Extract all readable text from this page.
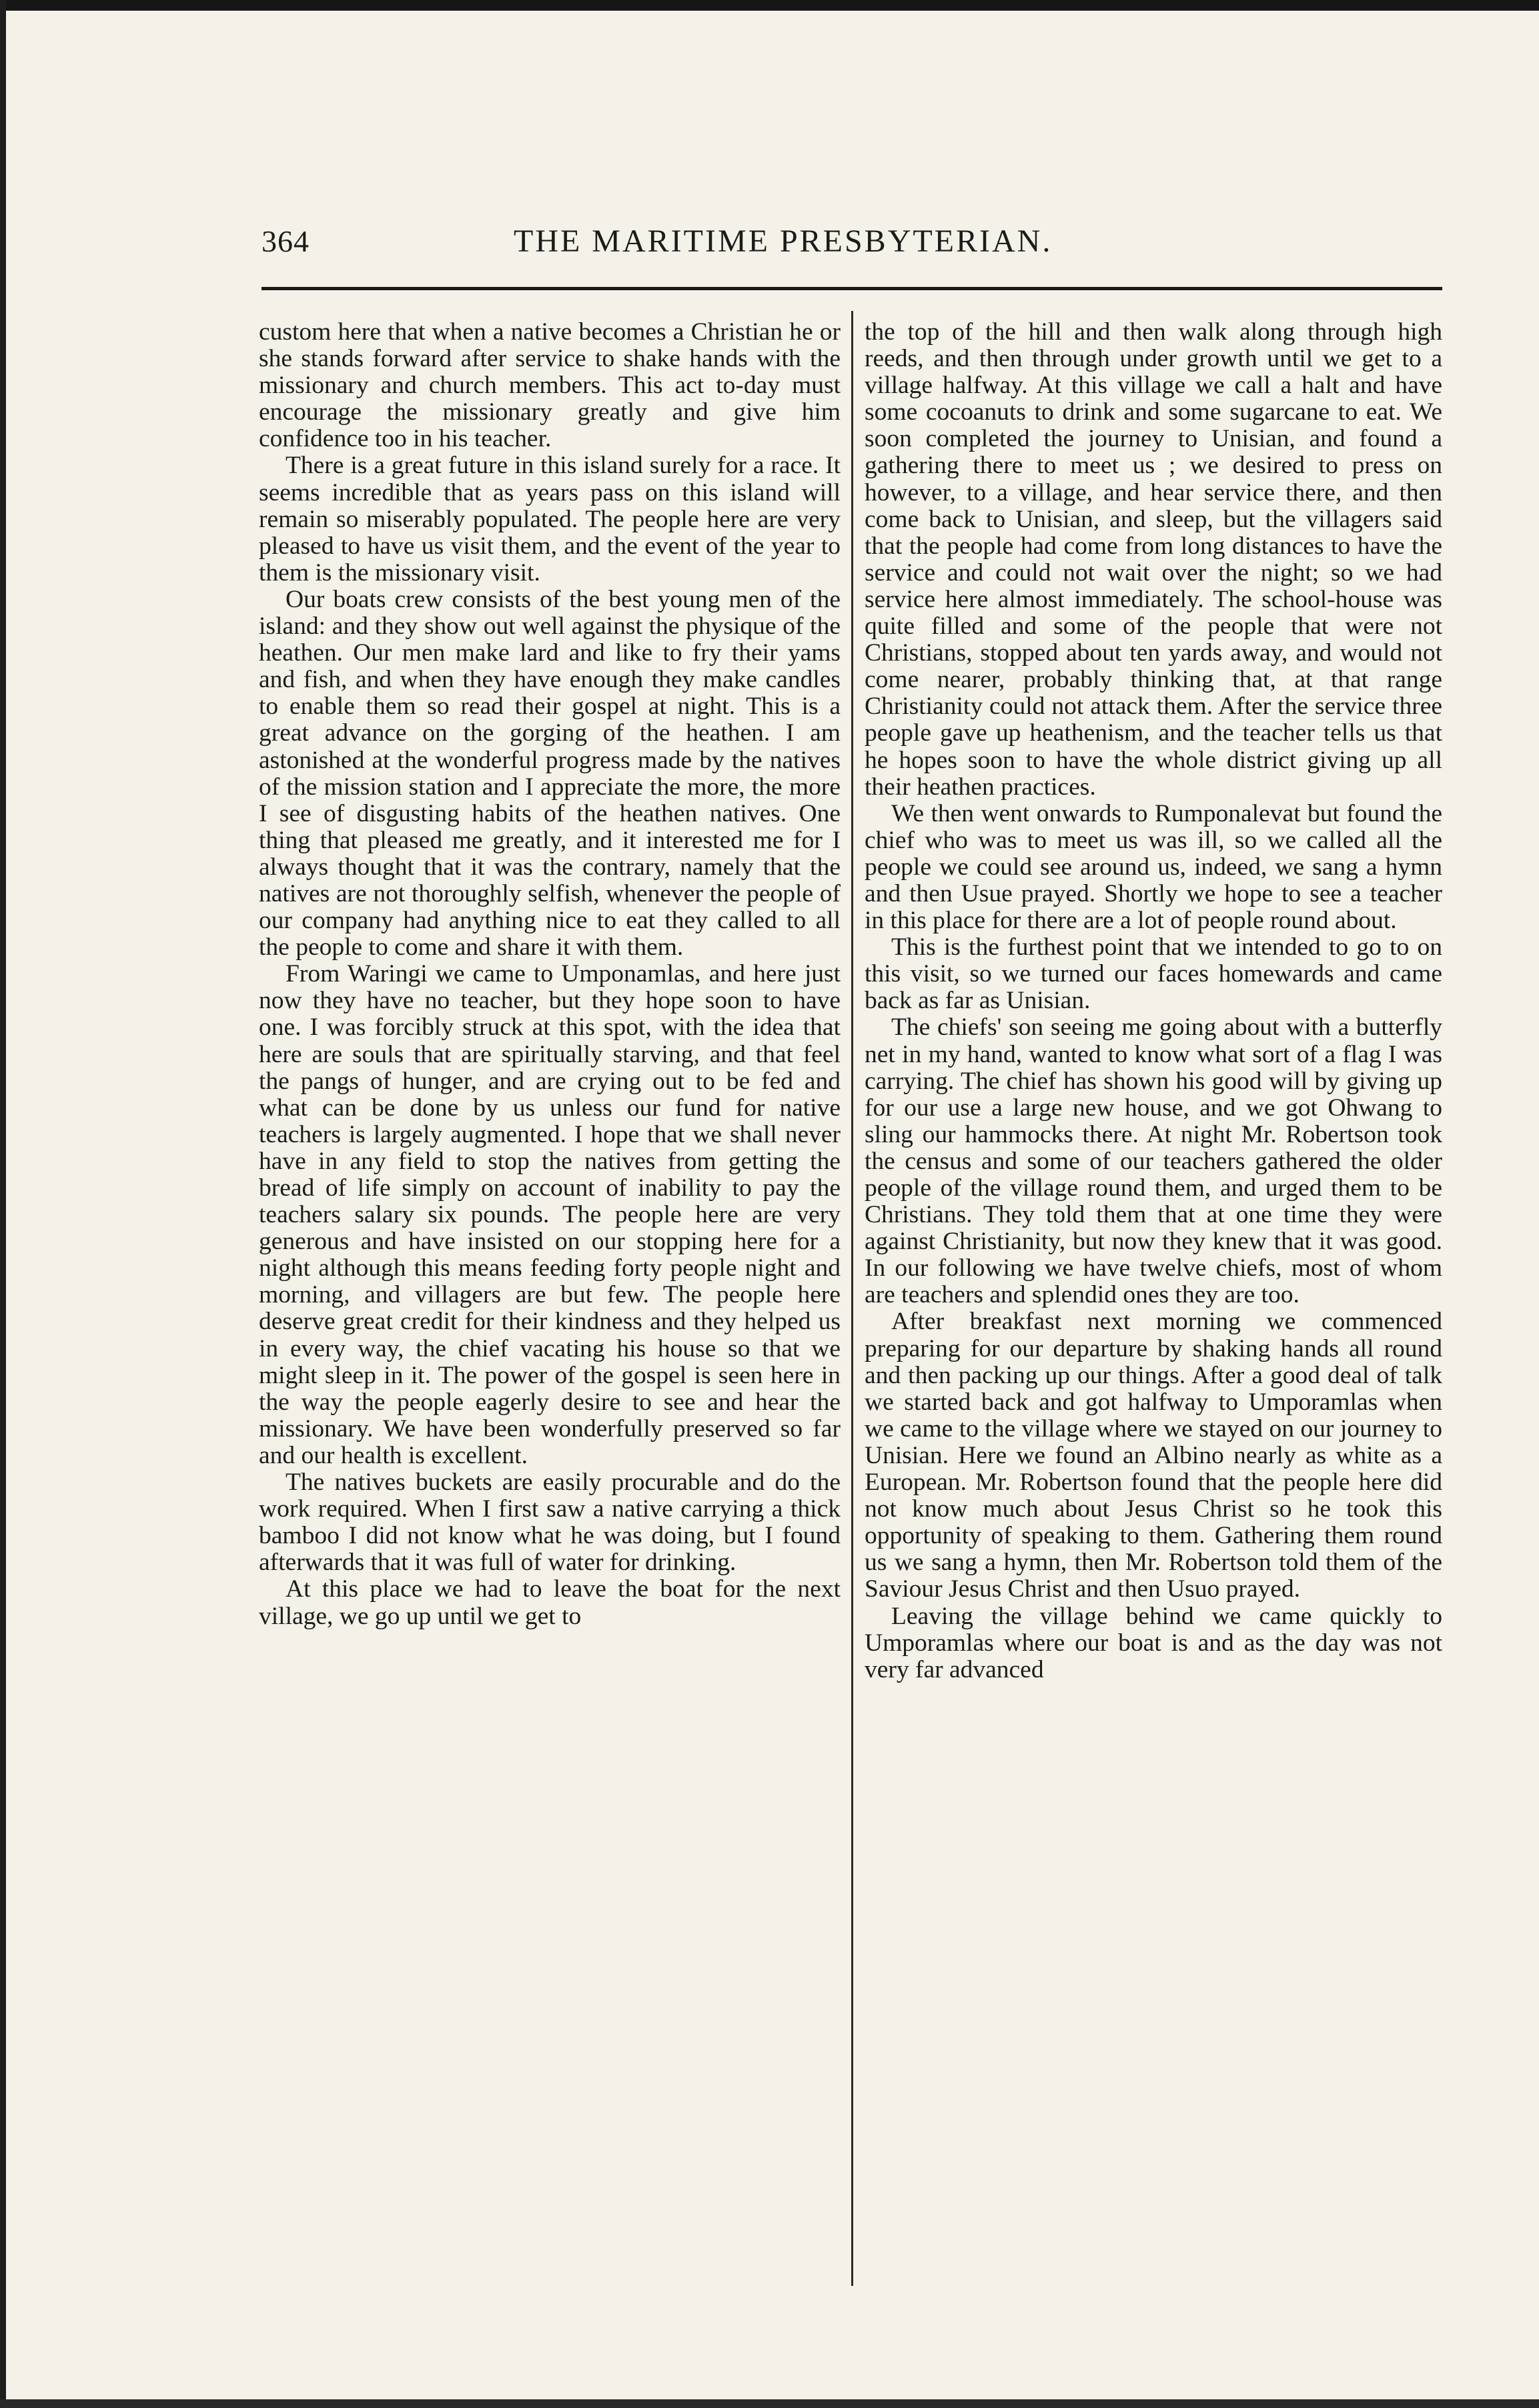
364	THE MARITIME PRESBYTERIAN.

custom here that when a native becomes a Christian he or she stands forward after service to shake hands with the missionary and church members. This act to-day must encourage the missionary greatly and give him confidence too in his teacher.

There is a great future in this island surely for a race. It seems incredible that as years pass on this island will remain so miserably populated. The people here are very pleased to have us visit them, and the event of the year to them is the missionary visit.

Our boats crew consists of the best young men of the island: and they show out well against the physique of the heathen. Our men make lard and like to fry their yams and fish, and when they have enough they make candles to enable them so read their gospel at night. This is a great advance on the gorging of the heathen. I am astonished at the wonderful progress made by the natives of the mission station and I appreciate the more, the more I see of disgusting habits of the heathen natives. One thing that pleased me greatly, and it interested me for I always thought that it was the contrary, namely that the natives are not thoroughly selfish, whenever the people of our company had anything nice to eat they called to all the people to come and share it with them.

From Waringi we came to Umponamlas, and here just now they have no teacher, but they hope soon to have one. I was forcibly struck at this spot, with the idea that here are souls that are spiritually starving, and that feel the pangs of hunger, and are crying out to be fed and what can be done by us unless our fund for native teachers is largely augmented. I hope that we shall never have in any field to stop the natives from getting the bread of life simply on account of inability to pay the teachers salary six pounds. The people here are very generous and have insisted on our stopping here for a night although this means feeding forty people night and morning, and villagers are but few. The people here deserve great credit for their kindness and they helped us in every way, the chief vacating his house so that we might sleep in it. The power of the gospel is seen here in the way the people eagerly desire to see and hear the missionary. We have been wonderfully preserved so far and our health is excellent.

The natives buckets are easily procurable and do the work required. When I first saw a native carrying a thick bamboo I did not know what he was doing, but I found afterwards that it was full of water for drinking.

At this place we had to leave the boat for the next village, we go up until we get to

the top of the hill and then walk along through high reeds, and then through under growth until we get to a village halfway. At this village we call a halt and have some cocoanuts to drink and some sugarcane to eat. We soon completed the journey to Unisian, and found a gathering there to meet us ; we desired to press on however, to a village, and hear service there, and then come back to Unisian, and sleep, but the villagers said that the people had come from long distances to have the service and could not wait over the night; so we had service here almost immediately. The school-house was quite filled and some of the people that were not Christians, stopped about ten yards away, and would not come nearer, probably thinking that, at that range Christianity could not attack them. After the service three people gave up heathenism, and the teacher tells us that he hopes soon to have the whole district giving up all their heathen practices.

We then went onwards to Rumponalevat but found the chief who was to meet us was ill, so we called all the people we could see around us, indeed, we sang a hymn and then Usue prayed. Shortly we hope to see a teacher in this place for there are a lot of people round about.

This is the furthest point that we intended to go to on this visit, so we turned our faces homewards and came back as far as Unisian.

The chiefs' son seeing me going about with a butterfly net in my hand, wanted to know what sort of a flag I was carrying. The chief has shown his good will by giving up for our use a large new house, and we got Ohwang to sling our hammocks there. At night Mr. Robertson took the census and some of our teachers gathered the older people of the village round them, and urged them to be Christians. They told them that at one time they were against Christianity, but now they knew that it was good. In our following we have twelve chiefs, most of whom are teachers and splendid ones they are too.

After breakfast next morning we commenced preparing for our departure by shaking hands all round and then packing up our things. After a good deal of talk we started back and got halfway to Umporamlas when we came to the village where we stayed on our journey to Unisian. Here we found an Albino nearly as white as a European. Mr. Robertson found that the people here did not know much about Jesus Christ so he took this opportunity of speaking to them. Gathering them round us we sang a hymn, then Mr. Robertson told them of the Saviour Jesus Christ and then Usuo prayed.

Leaving the village behind we came quickly to Umporamlas where our boat is and as the day was not very far advanced
